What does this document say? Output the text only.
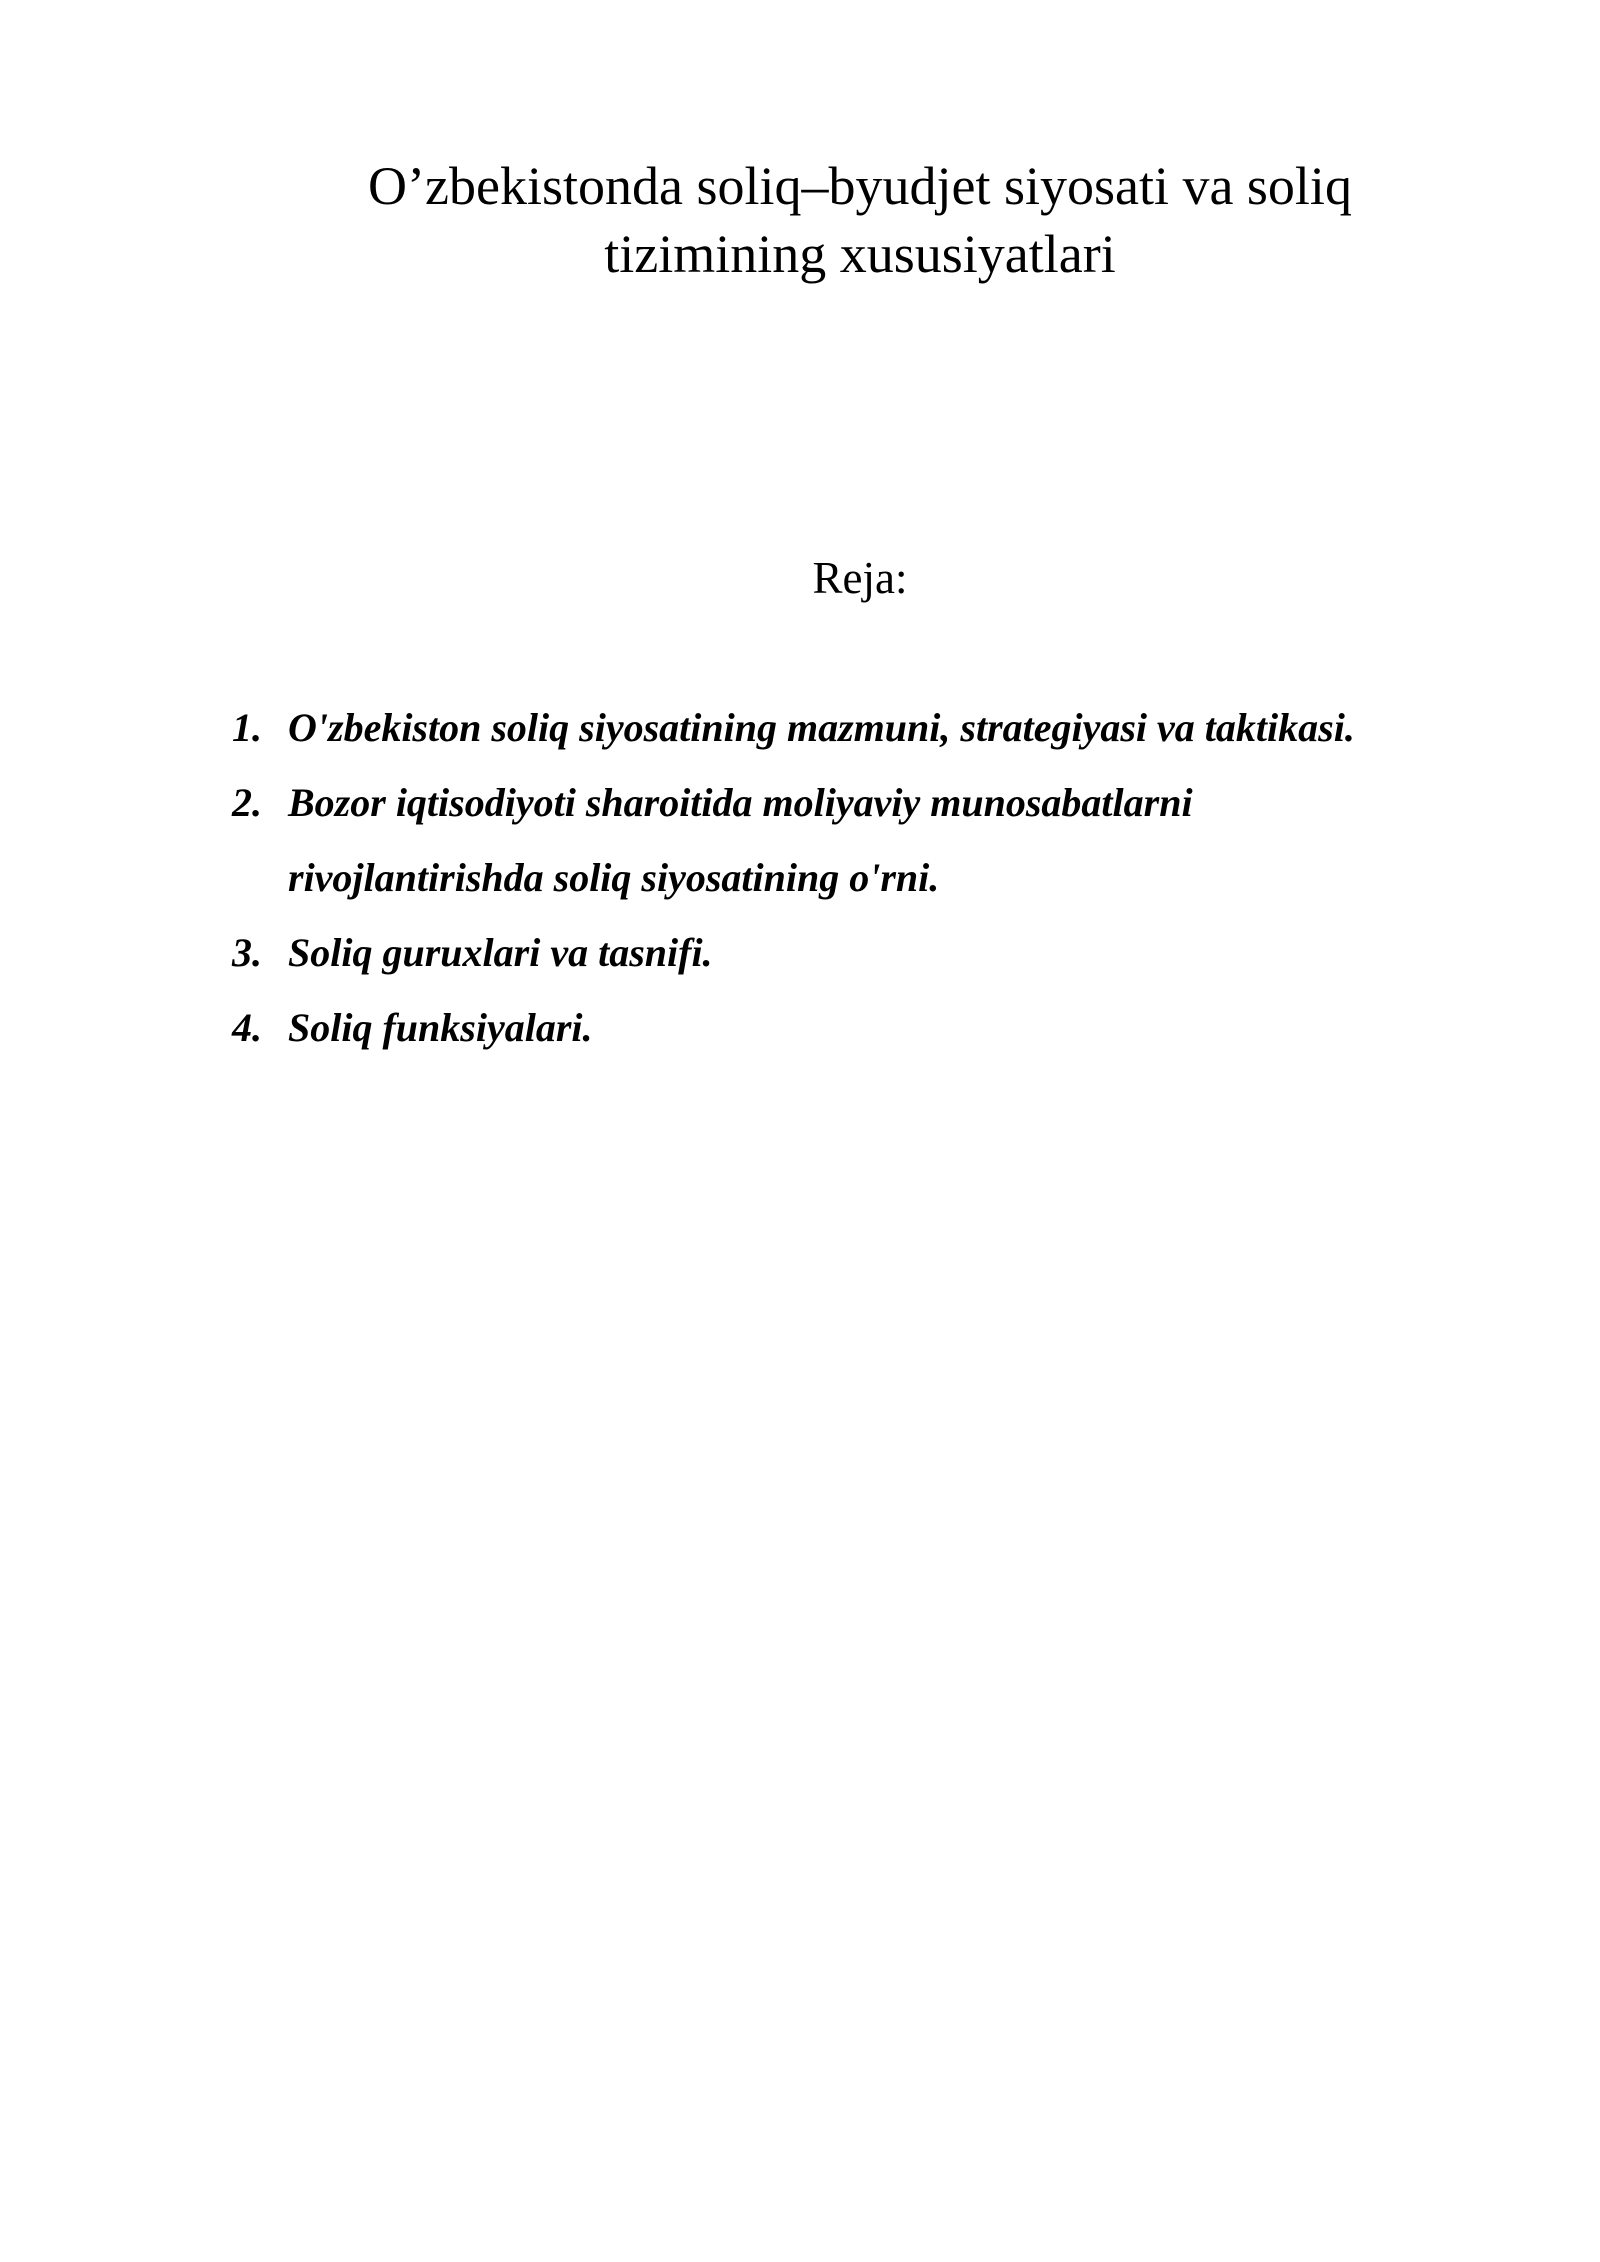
O’zbekistonda soliq–byudjet siyosati va soliq
tizimining xususiyatlari

Reja:

1. O'zbekiston soliq siyosatining mazmuni, strategiyasi va taktikasi.
2. Bozor iqtisodiyoti sharoitida moliyaviy munosabatlarni rivojlantirishda soliq siyosatining o'rni.
3. Soliq guruxlari va tasnifi.
4. Soliq funksiyalari.
